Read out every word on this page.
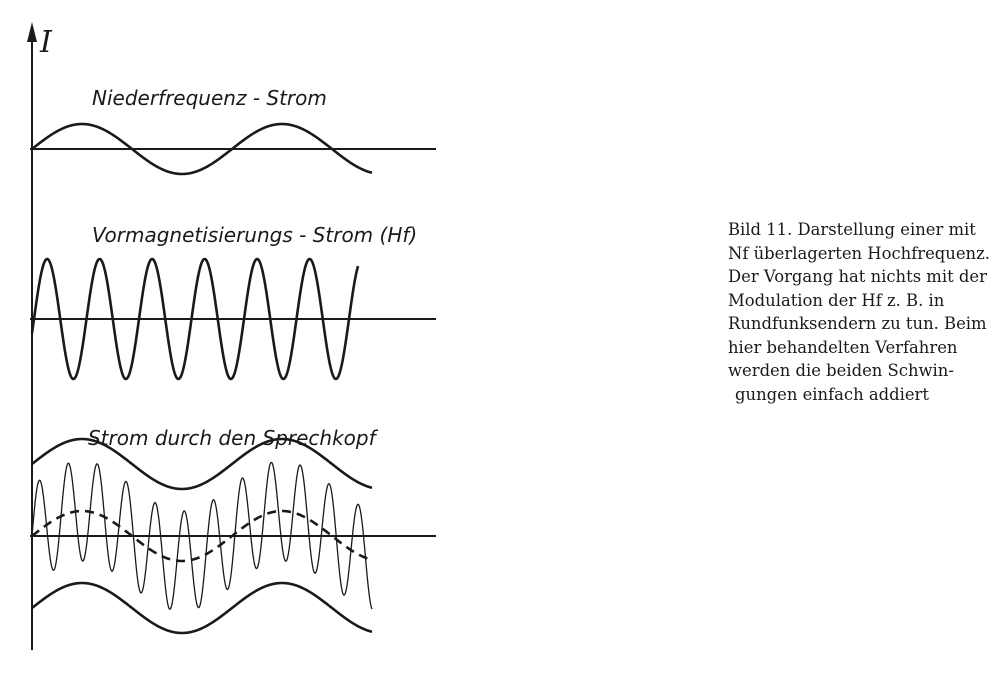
I
Niederfrequenz - Strom
Vormagnetisierungs - Strom (Hf)
Strom durch den Sprechkopf
Bild 11. Darstellung einer mit
Nf überlagerten Hochfrequenz.
Der Vorgang hat nichts mit der
Modulation der Hf z. B. in
Rundfunksendern zu tun. Beim
hier behandelten Verfahren
werden die beiden Schwin-
gungen einfach addiert
